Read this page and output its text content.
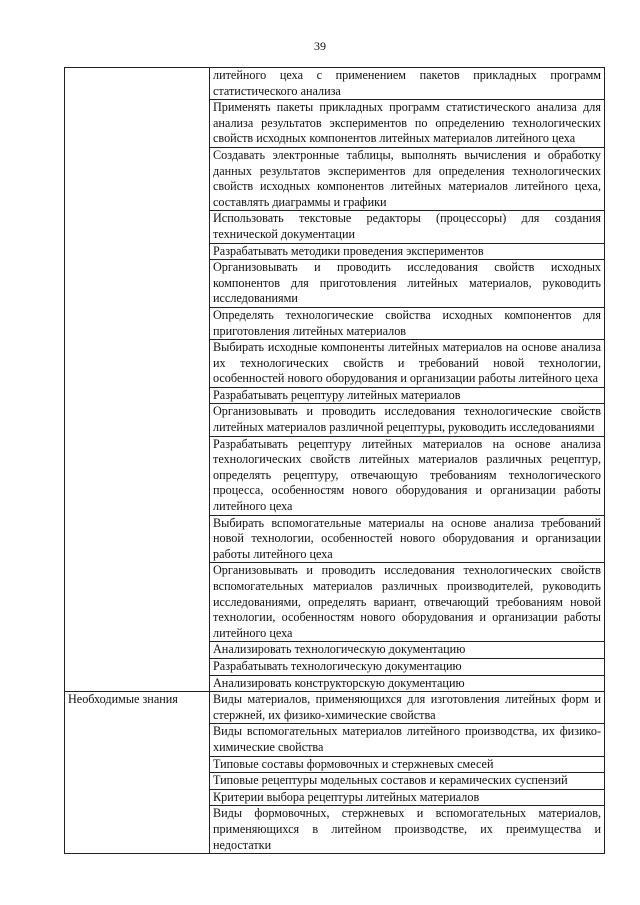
39
	литейного цеха с применением пакетов прикладных программ статистического анализа
	Применять пакеты прикладных программ статистического анализа для анализа результатов экспериментов по определению технологических свойств исходных компонентов литейных материалов литейного цеха
	Создавать электронные таблицы, выполнять вычисления и обработку данных результатов экспериментов для определения технологических свойств исходных компонентов литейных материалов литейного цеха, составлять диаграммы и графики
	Использовать текстовые редакторы (процессоры) для создания технической документации
	Разрабатывать методики проведения экспериментов
	Организовывать и проводить исследования свойств исходных компонентов для приготовления литейных материалов, руководить исследованиями
	Определять технологические свойства исходных компонентов для приготовления литейных материалов
	Выбирать исходные компоненты литейных материалов на основе анализа их технологических свойств и требований новой технологии, особенностей нового оборудования и организации работы литейного цеха
	Разрабатывать рецептуру литейных материалов
	Организовывать и проводить исследования технологические свойств литейных материалов различной рецептуры, руководить исследованиями
	Разрабатывать рецептуру литейных материалов на основе анализа технологических свойств литейных материалов различных рецептур, определять рецептуру, отвечающую требованиям технологического процесса, особенностям нового оборудования и организации работы литейного цеха
	Выбирать вспомогательные материалы на основе анализа требований новой технологии, особенностей нового оборудования и организации работы литейного цеха
	Организовывать и проводить исследования технологических свойств вспомогательных материалов различных производителей, руководить исследованиями, определять вариант, отвечающий требованиям новой технологии, особенностям нового оборудования и организации работы литейного цеха
	Анализировать технологическую документацию
	Разрабатывать технологическую документацию
	Анализировать конструкторскую документацию
Необходимые знания	Виды материалов, применяющихся для изготовления литейных форм и стержней, их физико-химические свойства
	Виды вспомогательных материалов литейного производства, их физико-химические свойства
	Типовые составы формовочных и стержневых смесей
	Типовые рецептуры модельных составов и керамических суспензий
	Критерии выбора рецептуры литейных материалов
	Виды формовочных, стержневых и вспомогательных материалов, применяющихся в литейном производстве, их преимущества и недостатки
